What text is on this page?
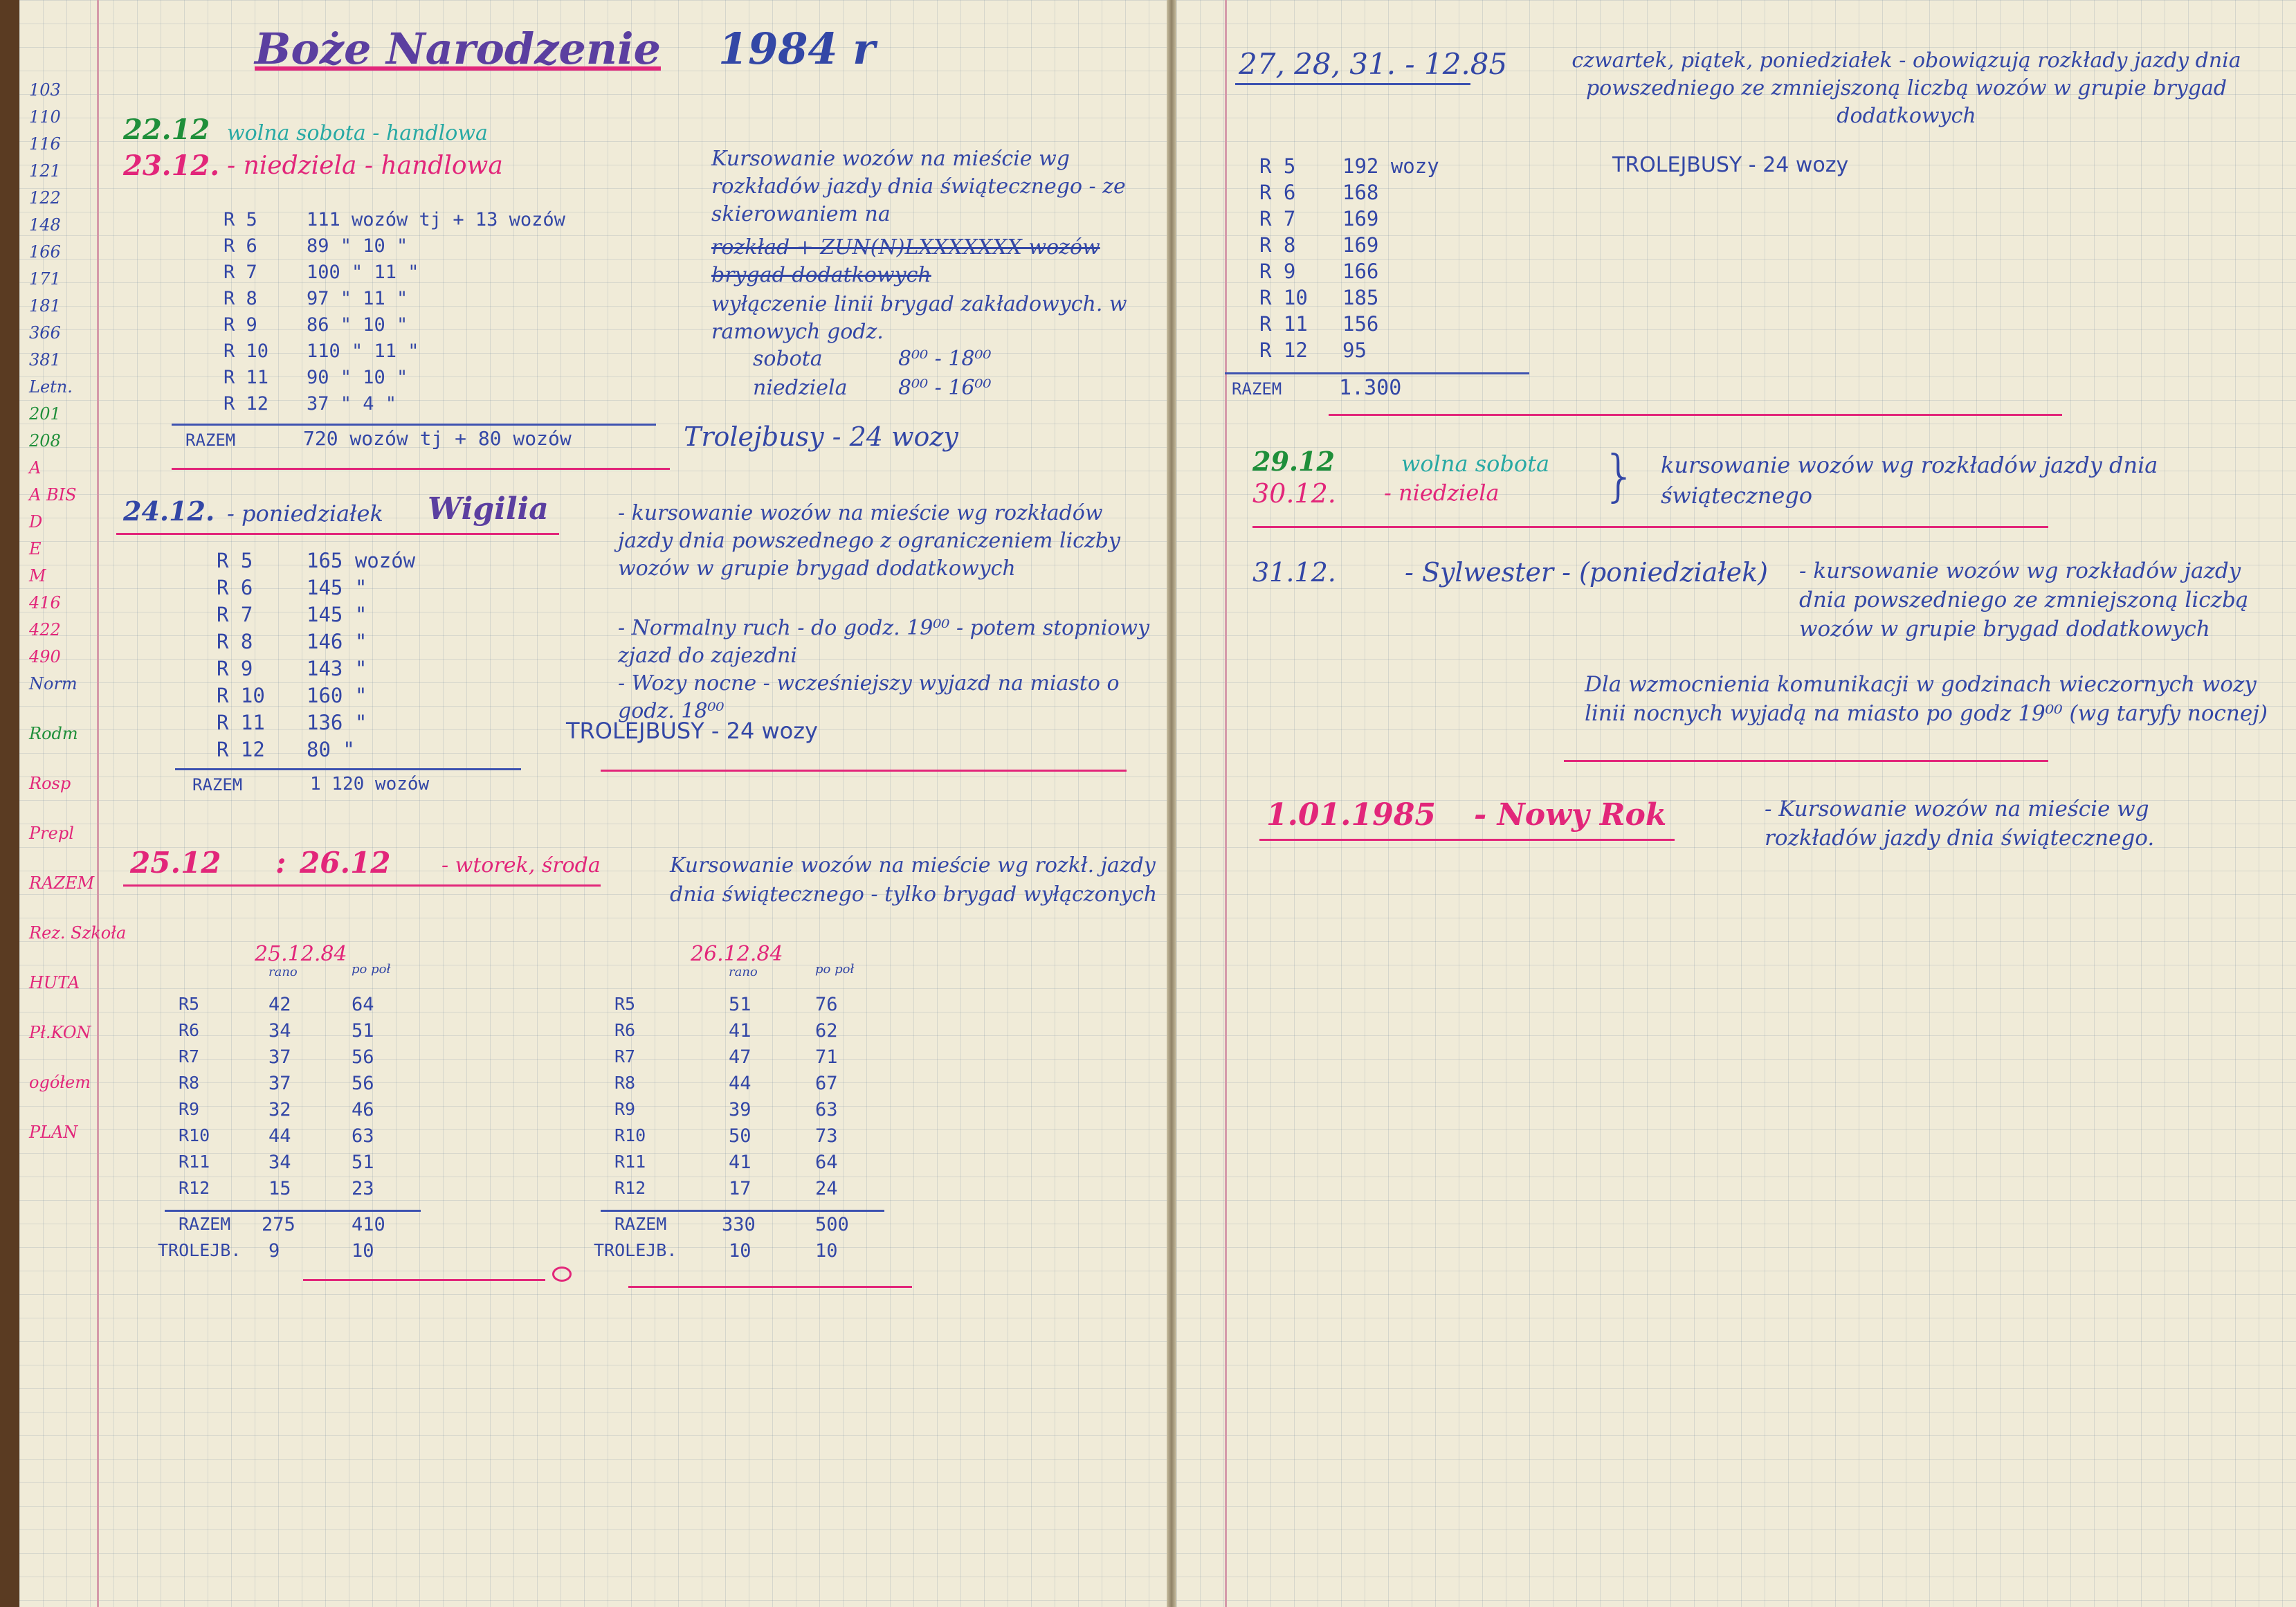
103
110
116
121
122
148
166
171
181
366
381
Letn.
201
208
A
A BIS
D
E
M
416
422
490
Norm
Rodm
Rosp
Prepl
RAZEM
Rez. Szkoła
HUTA
Pł.KON
ogółem
PLAN
Boże Narodzenie 1984 r
22.12 wolna sobota - handlowa
23.12. - niedziela - handlowa
R 5	111 wozów tj + 13 wozów
R 6	89 " 10 "
R 7	100 " 11 "
R 8	97 " 11 "
R 9	86 " 10 "
R 10 110 " 11 "
R 11 90 " 10 "
R 12 37 " 4 "
RAZEM	720 wozów tj + 80 wozów
Kursowanie wozów na mieście wg rozkładów jazdy dnia świątecznego - ze skierowaniem na
rozkład + ZUN(N)LXXXXXXX wozów brygad dodatkowych
wyłączenie linii brygad zakładowych. w ramowych godz.
sobota	8⁰⁰ - 18⁰⁰
niedziela 8⁰⁰ - 16⁰⁰
Trolejbusy - 24 wozy
24.12. - poniedziałek Wigilia
R 5	165 wozów
R 6	145 "
R 7	145 "
R 8	146 "
R 9	143 "
R 10 160 "
R 11 136 "
R 12 80 "
RAZEM	1 120 wozów
- kursowanie wozów na mieście wg rozkładów jazdy dnia powszednego z ograniczeniem liczby wozów w grupie brygad dodatkowych
- Normalny ruch - do godz. 19⁰⁰ - potem stopniowy zjazd do zajezdni
- Wozy nocne - wcześniejszy wyjazd na miasto o godz. 18⁰⁰
TROLEJBUSY - 24 wozy
25.12 : 26.12 - wtorek, środa	Kursowanie wozów na mieście wg rozkł. jazdy dnia świątecznego - tylko brygad wyłączonych
25.12.84
rano	po poł
R5	42	64
R6	34	51
R7	37	56
R8	37	56
R9	32	46
R10	44	63
R11	34	51
R12	15	23
RAZEM 275	410
TROLEJB. 9	10
26.12.84
rano	po poł
R5	51	76
R6	41	62
R7	47	71
R8	44	67
R9	39	63
R10	50	73
R11	41	64
R12	17	24
RAZEM	330	500
TROLEJB.	10	10
27, 28, 31. - 12.85	czwartek, piątek, poniedziałek - obowiązują rozkłady jazdy dnia powszedniego ze zmniejszoną liczbą wozów w grupie brygad dodatkowych
R 5 192 wozy
R 6 168
R 7 169
R 8 169
R 9 166
R 10 185
R 11 156
R 12 95
RAZEM	1.300
TROLEJBUSY - 24 wozy
29.12	wolna sobota
30.12. - niedziela } kursowanie wozów wg rozkładów jazdy dnia świątecznego
31.12.	- Sylwester - (poniedziałek) - kursowanie wozów wg rozkładów jazdy dnia powszedniego ze zmniejszoną liczbą wozów w grupie brygad dodatkowych
Dla wzmocnienia komunikacji w godzinach wieczornych wozy linii nocnych wyjadą na miasto po godz 19⁰⁰ (wg taryfy nocnej)
1.01.1985 - Nowy Rok	- Kursowanie wozów na mieście wg rozkładów jazdy dnia świątecznego.
